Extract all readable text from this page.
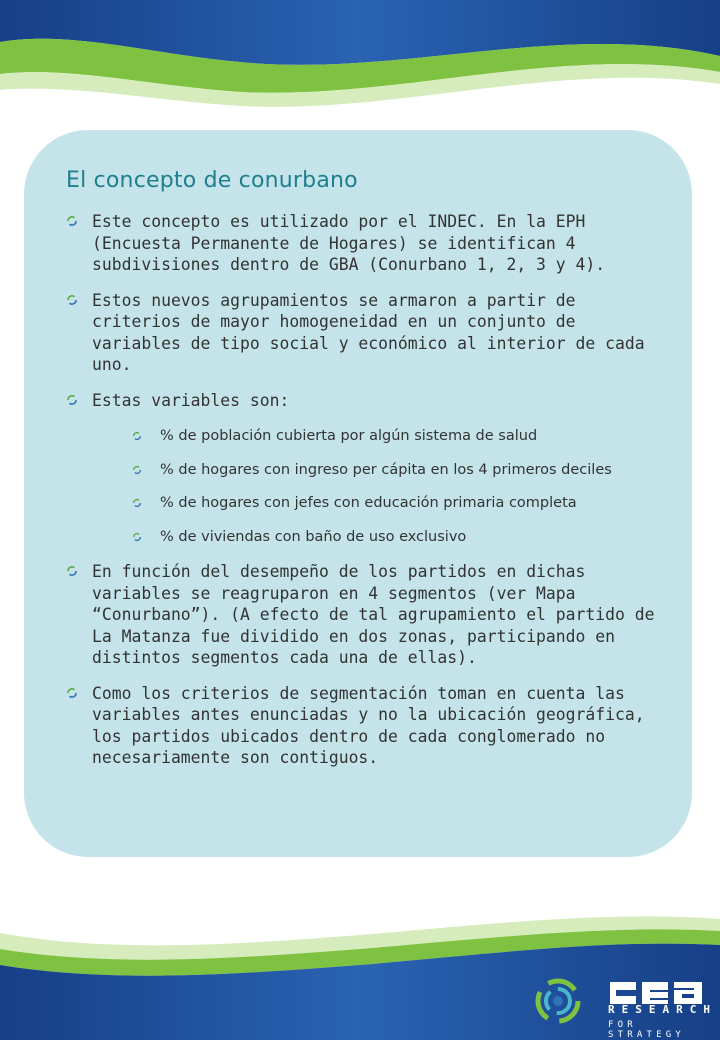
El concepto de conurbano
Este concepto es utilizado por el INDEC. En la EPH (Encuesta Permanente de Hogares) se identifican 4 subdivisiones dentro de GBA (Conurbano 1, 2, 3 y 4).
Estos nuevos agrupamientos se armaron a partir de criterios de mayor homogeneidad en un conjunto de variables de tipo social y económico al interior de cada uno.
Estas variables son:
% de población cubierta por algún sistema de salud
% de hogares con ingreso per cápita en los 4 primeros deciles
% de hogares con jefes con educación primaria completa
% de viviendas con baño de uso exclusivo
En función del desempeño de los partidos en dichas variables se reagruparon en 4 segmentos (ver Mapa “Conurbano”). (A efecto de tal agrupamiento el partido de La Matanza fue dividido en dos zonas, participando en distintos segmentos cada una de ellas).
Como los criterios de segmentación toman en cuenta las variables antes enunciadas y no la ubicación geográfica, los partidos ubicados dentro de cada conglomerado no necesariamente son contiguos.
RESEARCH
FOR STRATEGY
